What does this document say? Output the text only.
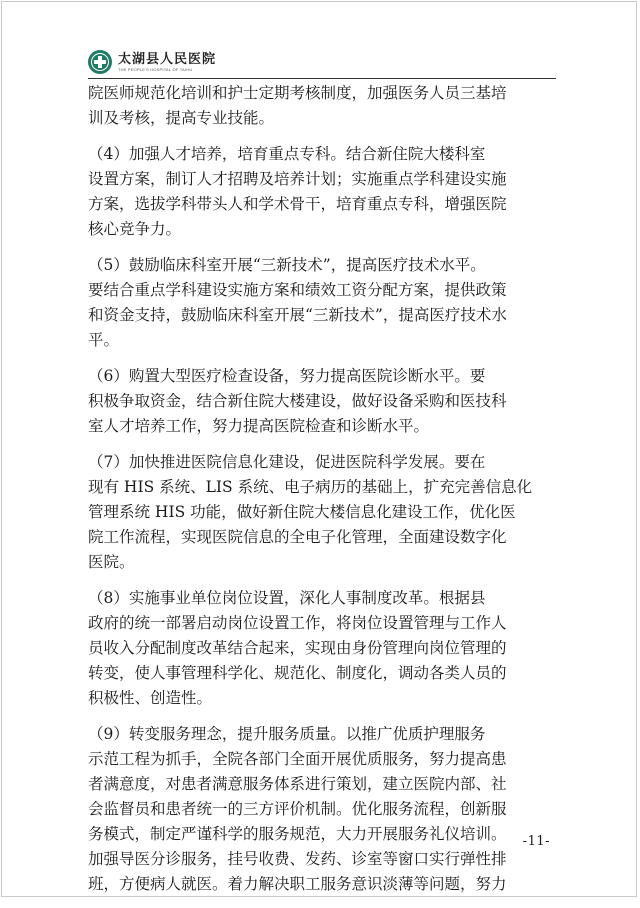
太湖县人民医院
THE PEOPLE'S HOSPITAL OF TAIHU

院医师规范化培训和护士定期考核制度，加强医务人员三基培
训及考核，提高专业技能。

（4）加强人才培养，培育重点专科。结合新住院大楼科室
设置方案，制订人才招聘及培养计划；实施重点学科建设实施
方案，选拔学科带头人和学术骨干，培育重点专科，增强医院
核心竞争力。

（5）鼓励临床科室开展“三新技术”，提高医疗技术水平。
要结合重点学科建设实施方案和绩效工资分配方案，提供政策
和资金支持，鼓励临床科室开展“三新技术”，提高医疗技术水
平。

（6）购置大型医疗检查设备，努力提高医院诊断水平。要
积极争取资金，结合新住院大楼建设，做好设备采购和医技科
室人才培养工作，努力提高医院检查和诊断水平。

（7）加快推进医院信息化建设，促进医院科学发展。要在
现有 HIS 系统、LIS 系统、电子病历的基础上，扩充完善信息化
管理系统 HIS 功能，做好新住院大楼信息化建设工作，优化医
院工作流程，实现医院信息的全电子化管理，全面建设数字化
医院。

（8）实施事业单位岗位设置，深化人事制度改革。根据县
政府的统一部署启动岗位设置工作，将岗位设置管理与工作人
员收入分配制度改革结合起来，实现由身份管理向岗位管理的
转变，使人事管理科学化、规范化、制度化，调动各类人员的
积极性、创造性。

（9）转变服务理念，提升服务质量。以推广优质护理服务
示范工程为抓手，全院各部门全面开展优质服务，努力提高患
者满意度，对患者满意服务体系进行策划，建立医院内部、社
会监督员和患者统一的三方评价机制。优化服务流程，创新服
务模式，制定严谨科学的服务规范，大力开展服务礼仪培训。
加强导医分诊服务，挂号收费、发药、诊室等窗口实行弹性排
班，方便病人就医。着力解决职工服务意识淡薄等问题，努力

-11-
